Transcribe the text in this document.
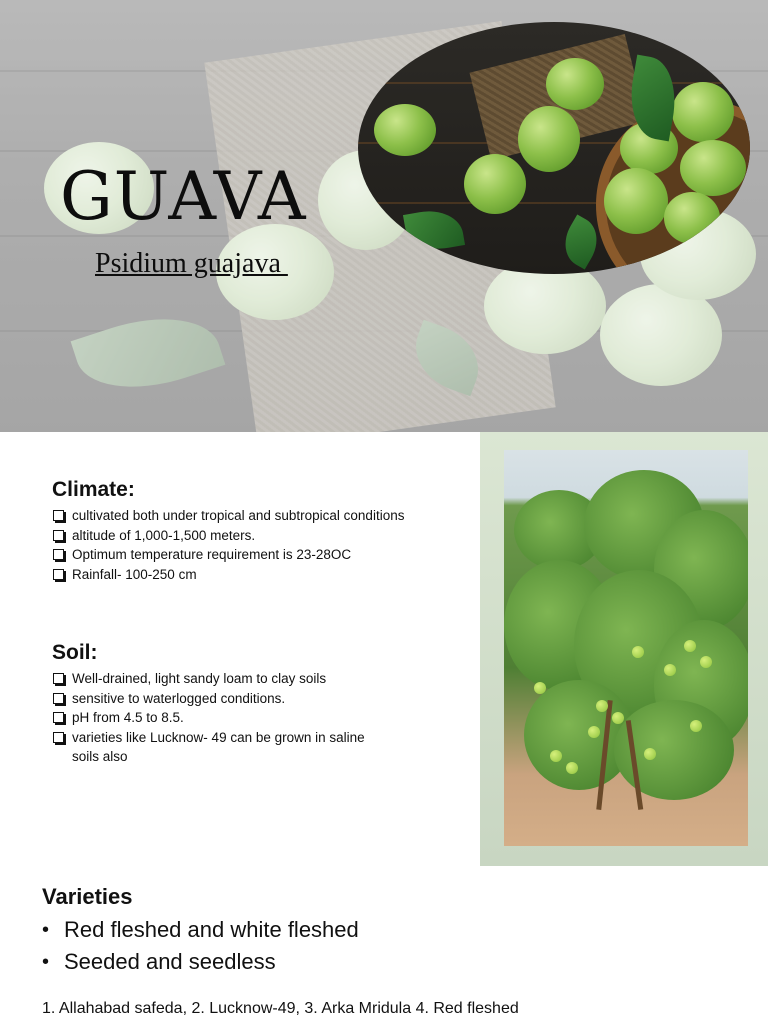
GUAVA

Psidium guajava

Climate:
cultivated both under tropical and subtropical conditions
altitude of 1,000-1,500 meters.
Optimum temperature requirement is 23-28OC
Rainfall- 100-250 cm
Soil:
Well-drained, light sandy loam to clay soils
sensitive to waterlogged conditions.
pH from 4.5 to 8.5.
varieties like Lucknow- 49 can be grown in saline soils also
Varieties
• Red fleshed and white fleshed
• Seeded and seedless

1. Allahabad safeda, 2. Lucknow-49, 3. Arka Mridula 4. Red fleshed
